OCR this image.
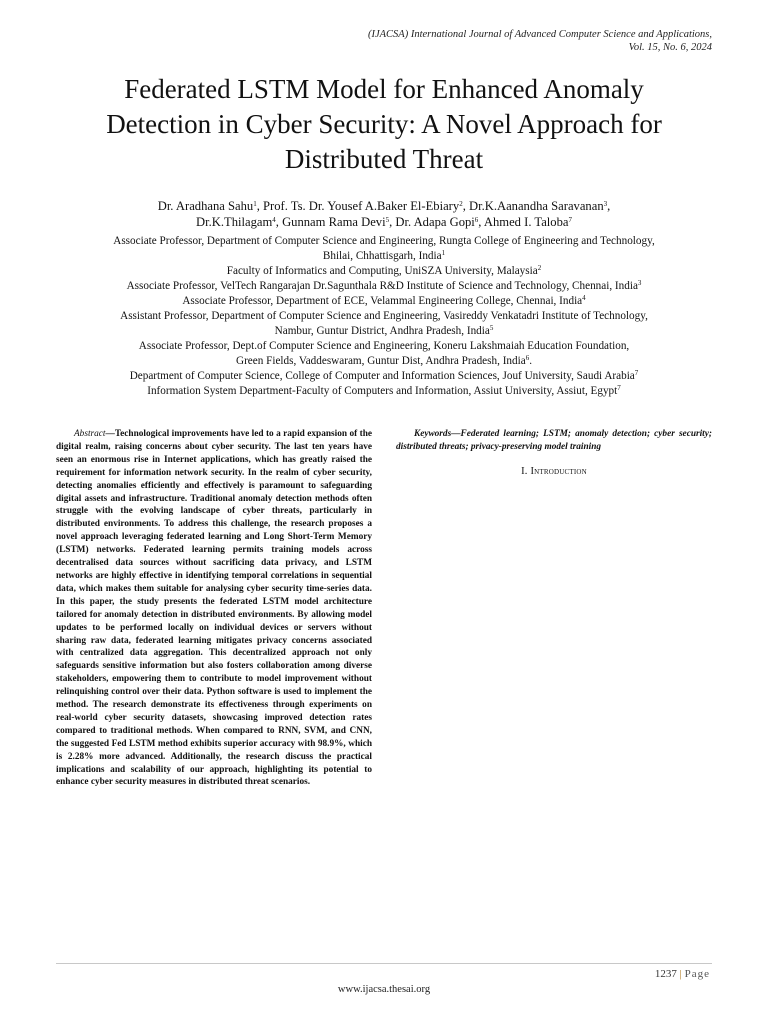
(IJACSA) International Journal of Advanced Computer Science and Applications,
Vol. 15, No. 6, 2024
Federated LSTM Model for Enhanced Anomaly
Detection in Cyber Security: A Novel Approach for
Distributed Threat
Dr. Aradhana Sahu$^1$, Prof. Ts. Dr. Yousef A.Baker El-Ebiary$^2$, Dr.K.Aanandha Saravanan$^3$,
Dr.K.Thilagam$^4$, Gunnam Rama Devi$^5$, Dr. Adapa Gopi$^6$, Ahmed I. Taloba$^7$
Associate Professor, Department of Computer Science and Engineering, Rungta College of Engineering and Technology,
Bhilai, Chhattisgarh, India$^1$
Faculty of Informatics and Computing, UniSZA University, Malaysia$^2$
Associate Professor, VelTech Rangarajan Dr.Sagunthala R&D Institute of Science and Technology, Chennai, India$^3$
Associate Professor, Department of ECE, Velammal Engineering College, Chennai, India$^4$
Assistant Professor, Department of Computer Science and Engineering, Vasireddy Venkatadri Institute of Technology,
Nambur, Guntur District, Andhra Pradesh, India$^5$
Associate Professor, Dept.of Computer Science and Engineering, Koneru Lakshmaiah Education Foundation,
Green Fields, Vaddeswaram, Guntur Dist, Andhra Pradesh, India$^6$.
Department of Computer Science, College of Computer and Information Sciences, Jouf University, Saudi Arabia$^7$
Information System Department-Faculty of Computers and Information, Assiut University, Assiut, Egypt$^7$
Abstract—Technological improvements have led to a rapid expansion of the digital realm, raising concerns about cyber security. The last ten years have seen an enormous rise in Internet applications, which has greatly raised the requirement for information network security. In the realm of cyber security, detecting anomalies efficiently and effectively is paramount to safeguarding digital assets and infrastructure. Traditional anomaly detection methods often struggle with the evolving landscape of cyber threats, particularly in distributed environments. To address this challenge, the research proposes a novel approach leveraging federated learning and Long Short-Term Memory (LSTM) networks. Federated learning permits training models across decentralised data sources without sacrificing data privacy, and LSTM networks are highly effective in identifying temporal correlations in sequential data, which makes them suitable for analysing cyber security time-series data. In this paper, the study presents the federated LSTM model architecture tailored for anomaly detection in distributed environments. By allowing model updates to be performed locally on individual devices or servers without sharing raw data, federated learning mitigates privacy concerns associated with centralized data aggregation. This decentralized approach not only safeguards sensitive information but also fosters collaboration among diverse stakeholders, empowering them to contribute to model improvement without relinquishing control over their data. Python software is used to implement the method. The research demonstrate its effectiveness through experiments on real-world cyber security datasets, showcasing improved detection rates compared to traditional methods. When compared to RNN, SVM, and CNN, the suggested Fed LSTM method exhibits superior accuracy with 98.9%, which is 2.28% more advanced. Additionally, the research discuss the practical implications and scalability of our approach, highlighting its potential to enhance cyber security measures in distributed threat scenarios.
Keywords—Federated learning; LSTM; anomaly detection; cyber security; distributed threats; privacy-preserving model training
I. Introduction
1237 | Page
www.ijacsa.thesai.org
